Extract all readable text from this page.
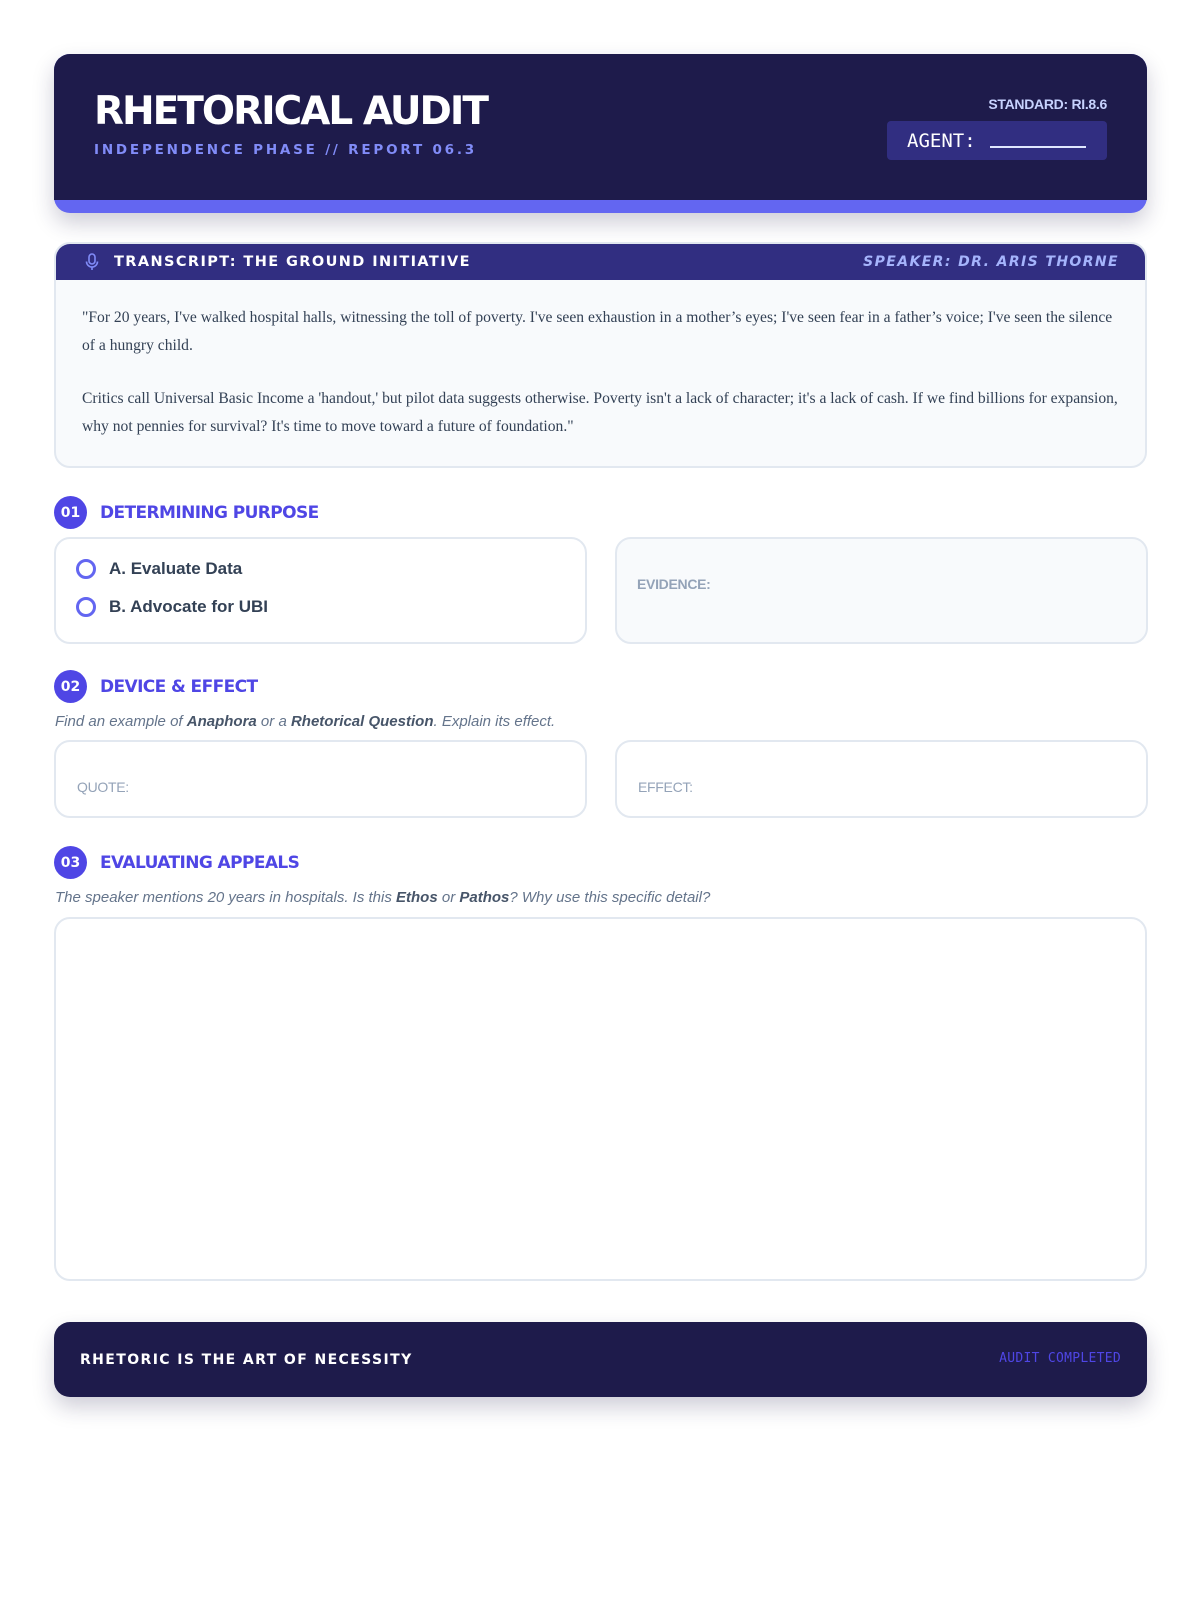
RHETORICAL AUDIT
INDEPENDENCE PHASE // REPORT 06.3
STANDARD: RI.8.6
AGENT:
TRANSCRIPT: THE GROUND INITIATIVE	SPEAKER: DR. ARIS THORNE

"For 20 years, I've walked hospital halls, witnessing the toll of poverty. I've seen exhaustion in a mother’s eyes; I've seen fear in a father’s voice; I've seen the silence of a hungry child.

Critics call Universal Basic Income a 'handout,' but pilot data suggests otherwise. Poverty isn't a lack of character; it's a lack of cash. If we find billions for expansion, why not pennies for survival? It's time to move toward a future of foundation."

01	DETERMINING PURPOSE
A. Evaluate Data
B. Advocate for UBI
EVIDENCE:
02	DEVICE & EFFECT
Find an example of Anaphora or a Rhetorical Question. Explain its effect.
QUOTE:	EFFECT:
03	EVALUATING APPEALS
The speaker mentions 20 years in hospitals. Is this Ethos or Pathos? Why use this specific detail?
RHETORIC IS THE ART OF NECESSITY	AUDIT COMPLETED
